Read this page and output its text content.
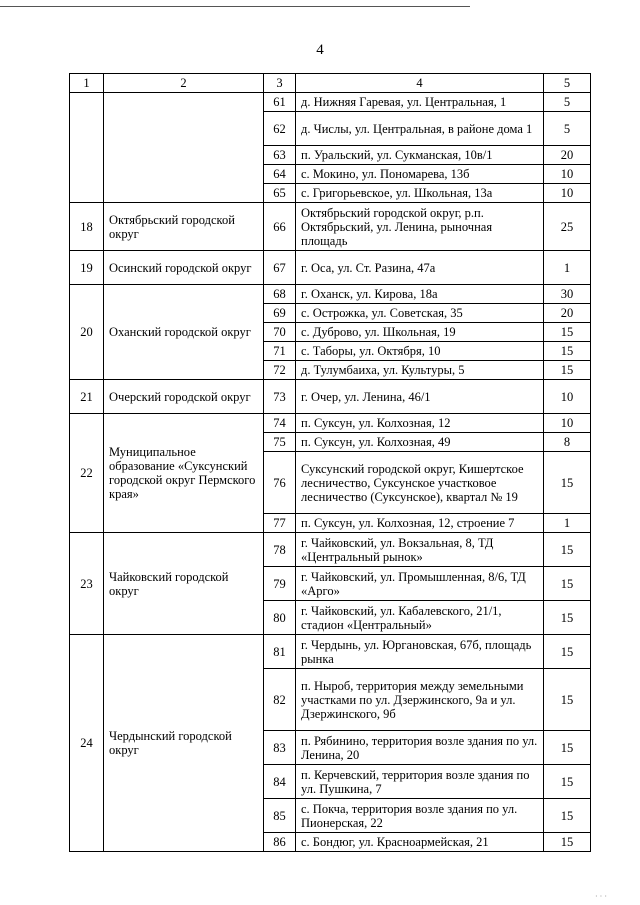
4
1	2	3	4	5
		61	д. Нижняя Гаревая, ул. Центральная, 1	5
		62	д. Числы, ул. Центральная, в районе дома 1	5
		63	п. Уральский, ул. Сукманская, 10в/1	20
		64	с. Мокино, ул. Пономарева, 13б	10
		65	с. Григорьевское, ул. Школьная, 13а	10
18	Октябрьский городской округ	66	Октябрьский городской округ, р.п. Октябрьский, ул. Ленина, рыночная площадь	25
19	Осинский городской округ	67	г. Оса, ул. Ст. Разина, 47а	1
20	Оханский городской округ	68	г. Оханск, ул. Кирова, 18а	30
		69	с. Острожка, ул. Советская, 35	20
		70	с. Дуброво, ул. Школьная, 19	15
		71	с. Таборы, ул. Октября, 10	15
		72	д. Тулумбаиха, ул. Культуры, 5	15
21	Очерский городской округ	73	г. Очер, ул. Ленина, 46/1	10
22	Муниципальное образование «Суксунский городской округ Пермского края»	74	п. Суксун, ул. Колхозная, 12	10
		75	п. Суксун, ул. Колхозная, 49	8
		76	Суксунский городской округ, Кишертское лесничество, Суксунское участковое лесничество (Суксунское), квартал № 19	15
		77	п. Суксун, ул. Колхозная, 12, строение 7	1
23	Чайковский городской округ	78	г. Чайковский, ул. Вокзальная, 8, ТД «Центральный рынок»	15
		79	г. Чайковский, ул. Промышленная, 8/6, ТД «Арго»	15
		80	г. Чайковский, ул. Кабалевского, 21/1, стадион «Центральный»	15
24	Чердынский городской округ	81	г. Чердынь, ул. Юргановская, 67б, площадь рынка	15
		82	п. Ныроб, территория между земельными участками по ул. Дзержинского, 9а и ул. Дзержинского, 9б	15
		83	п. Рябинино, территория возле здания по ул. Ленина, 20	15
		84	п. Керчевский, территория возле здания по ул. Пушкина, 7	15
		85	с. Покча, территория возле здания по ул. Пионерская, 22	15
		86	с. Бондюг, ул. Красноармейская, 21	15
· · ·
